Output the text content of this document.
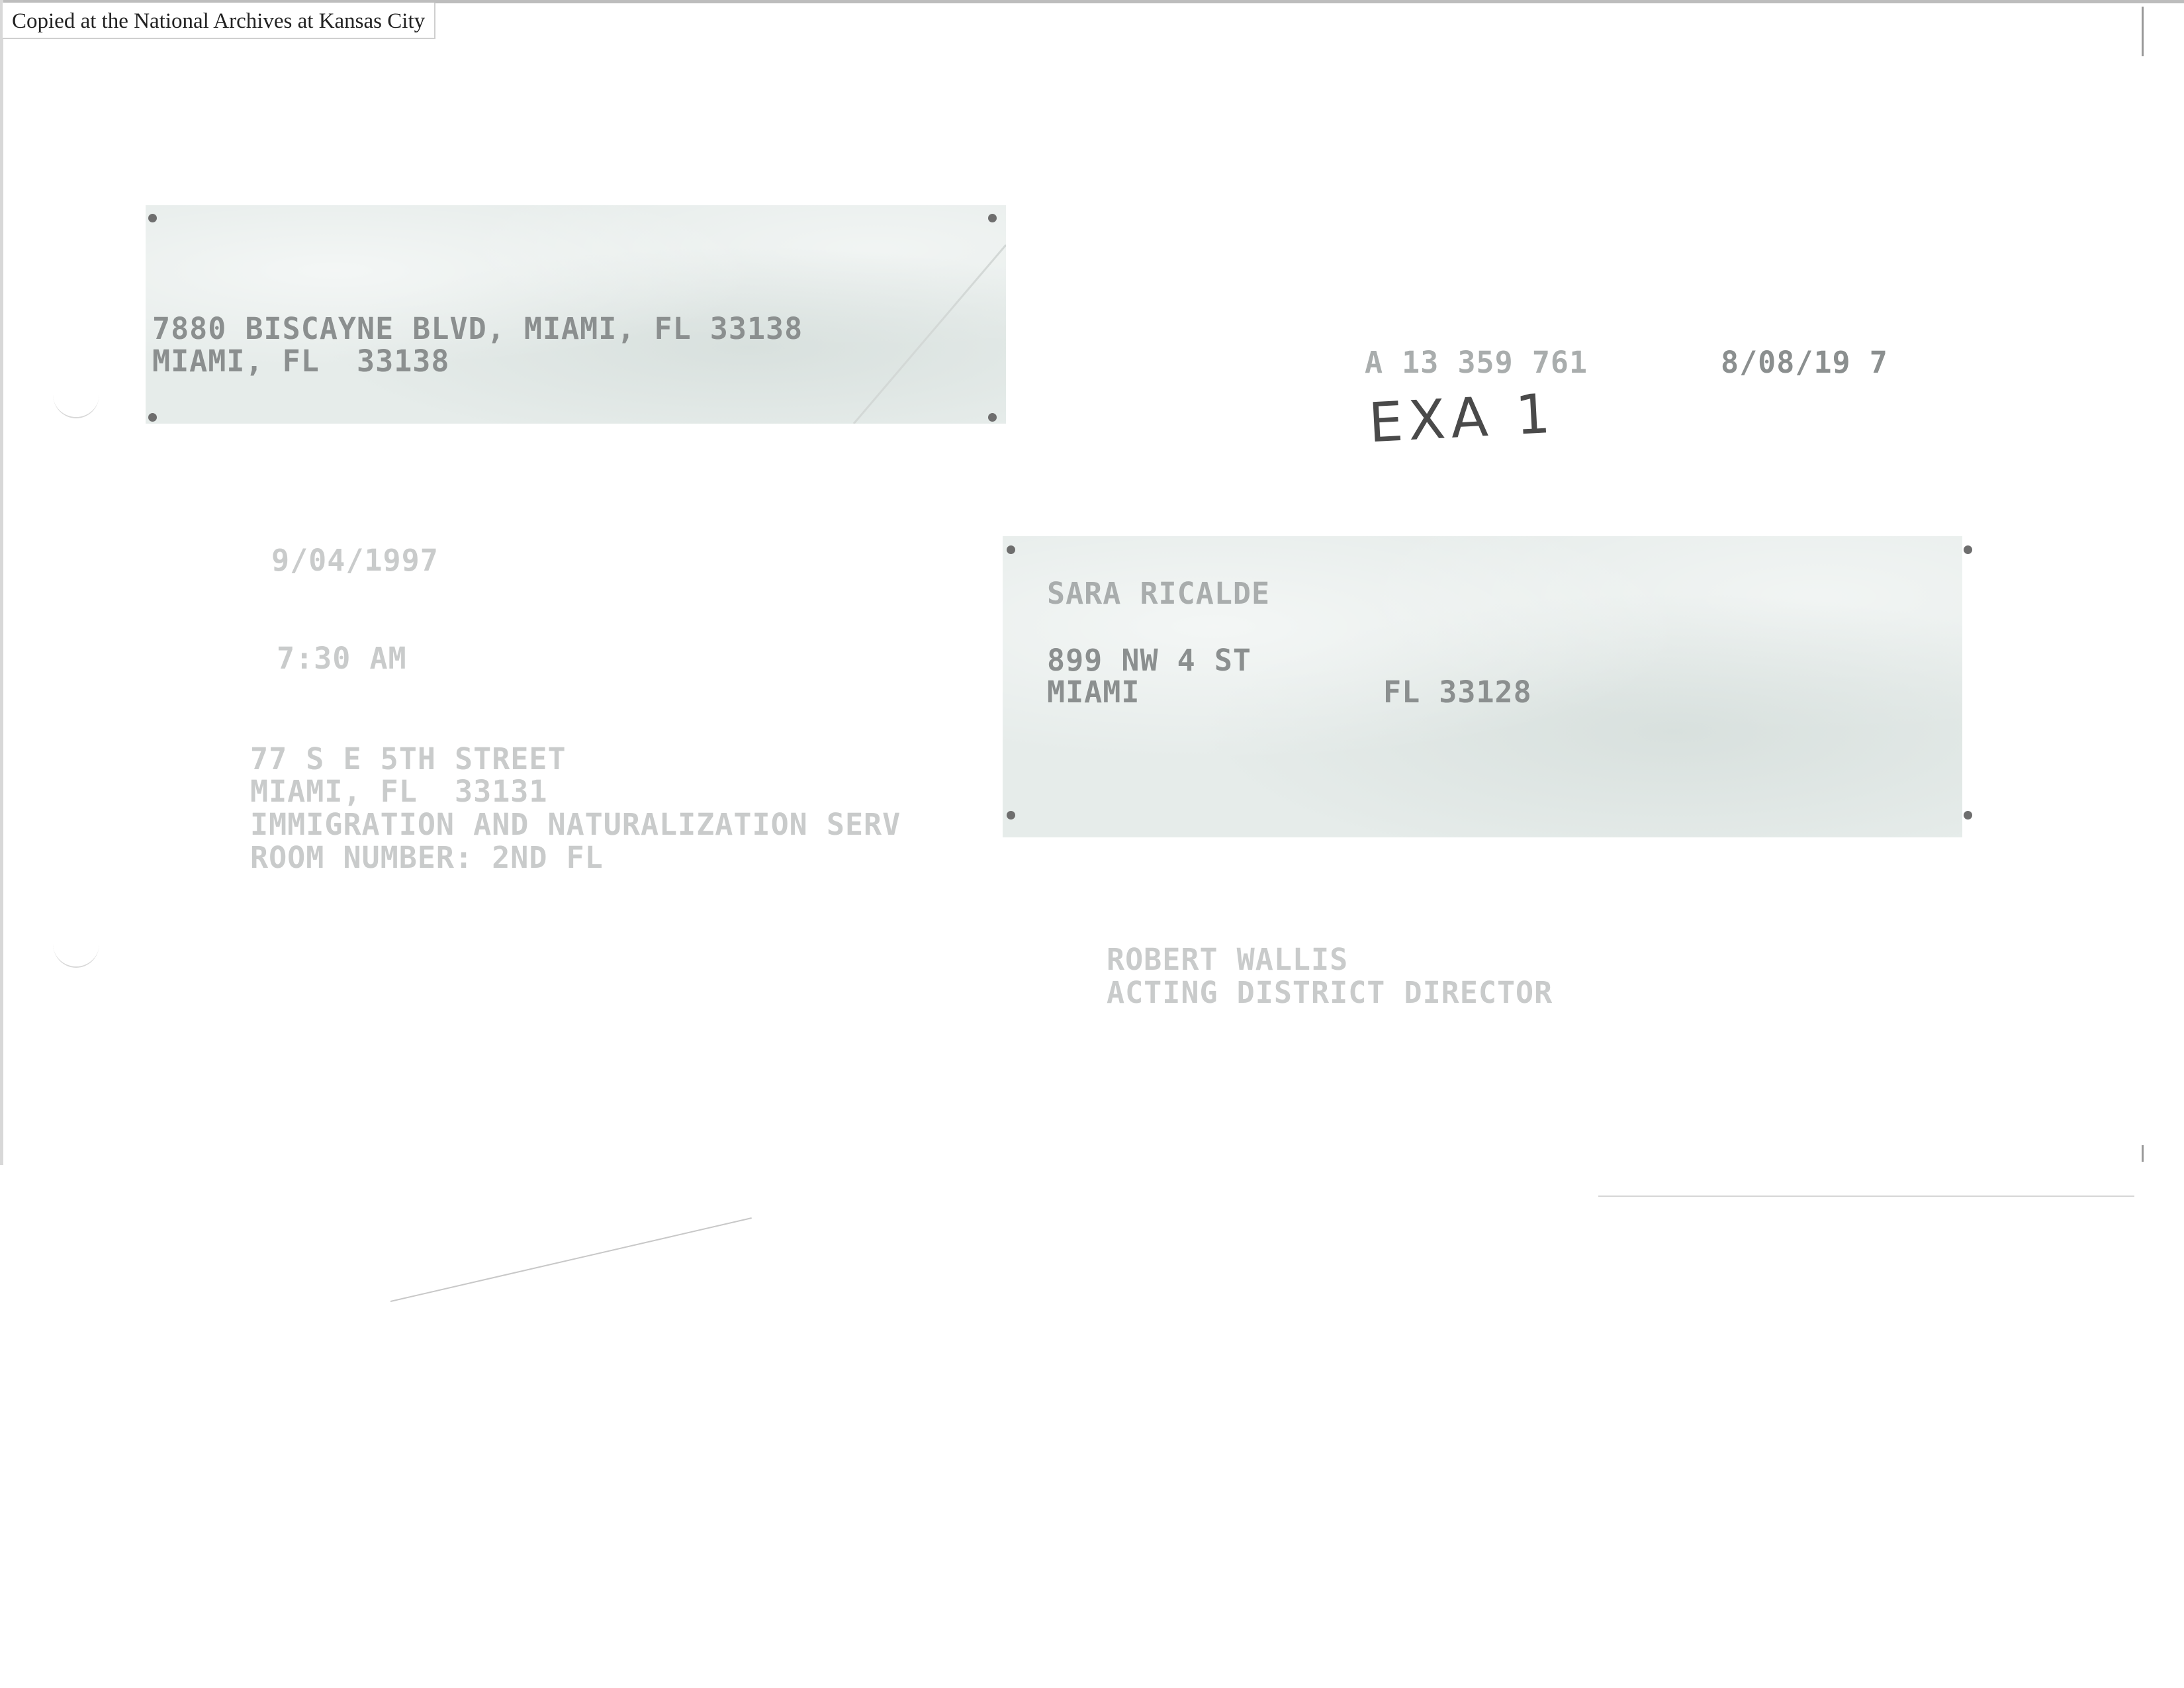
Copied at the National Archives at Kansas City
7880 BISCAYNE BLVD, MIAMI, FL 33138
MIAMI, FL  33138	A 13 359 761	8/08/19 7
EXA 1
9/04/1997
7:30 AM
77 S E 5TH STREET
MIAMI, FL  33131
IMMIGRATION AND NATURALIZATION SERV
ROOM NUMBER: 2ND FL
SARA RICALDE
899 NW 4 ST
MIAMI	FL 33128
ROBERT WALLIS
ACTING DISTRICT DIRECTOR
